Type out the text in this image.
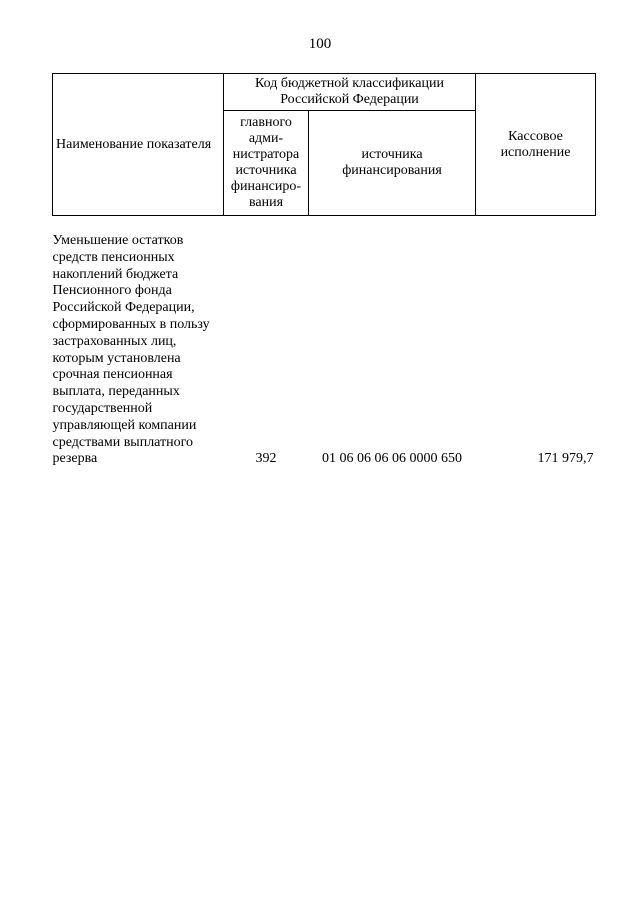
100
Наименование показателя	Код бюджетной классификации Российской Федерации		Кассовое исполнение
	главного адми-нистратора источника финансиро-вания	источника финансирования	
Уменьшение остатков средств пенсионных накоплений бюджета Пенсионного фонда Российской Федерации, сформированных в пользу застрахованных лиц, которым установлена срочная пенсионная выплата, переданных государственной управляющей компании средствами выплатного резерва	392	01 06 06 06 06 0000 650	171 979,7
